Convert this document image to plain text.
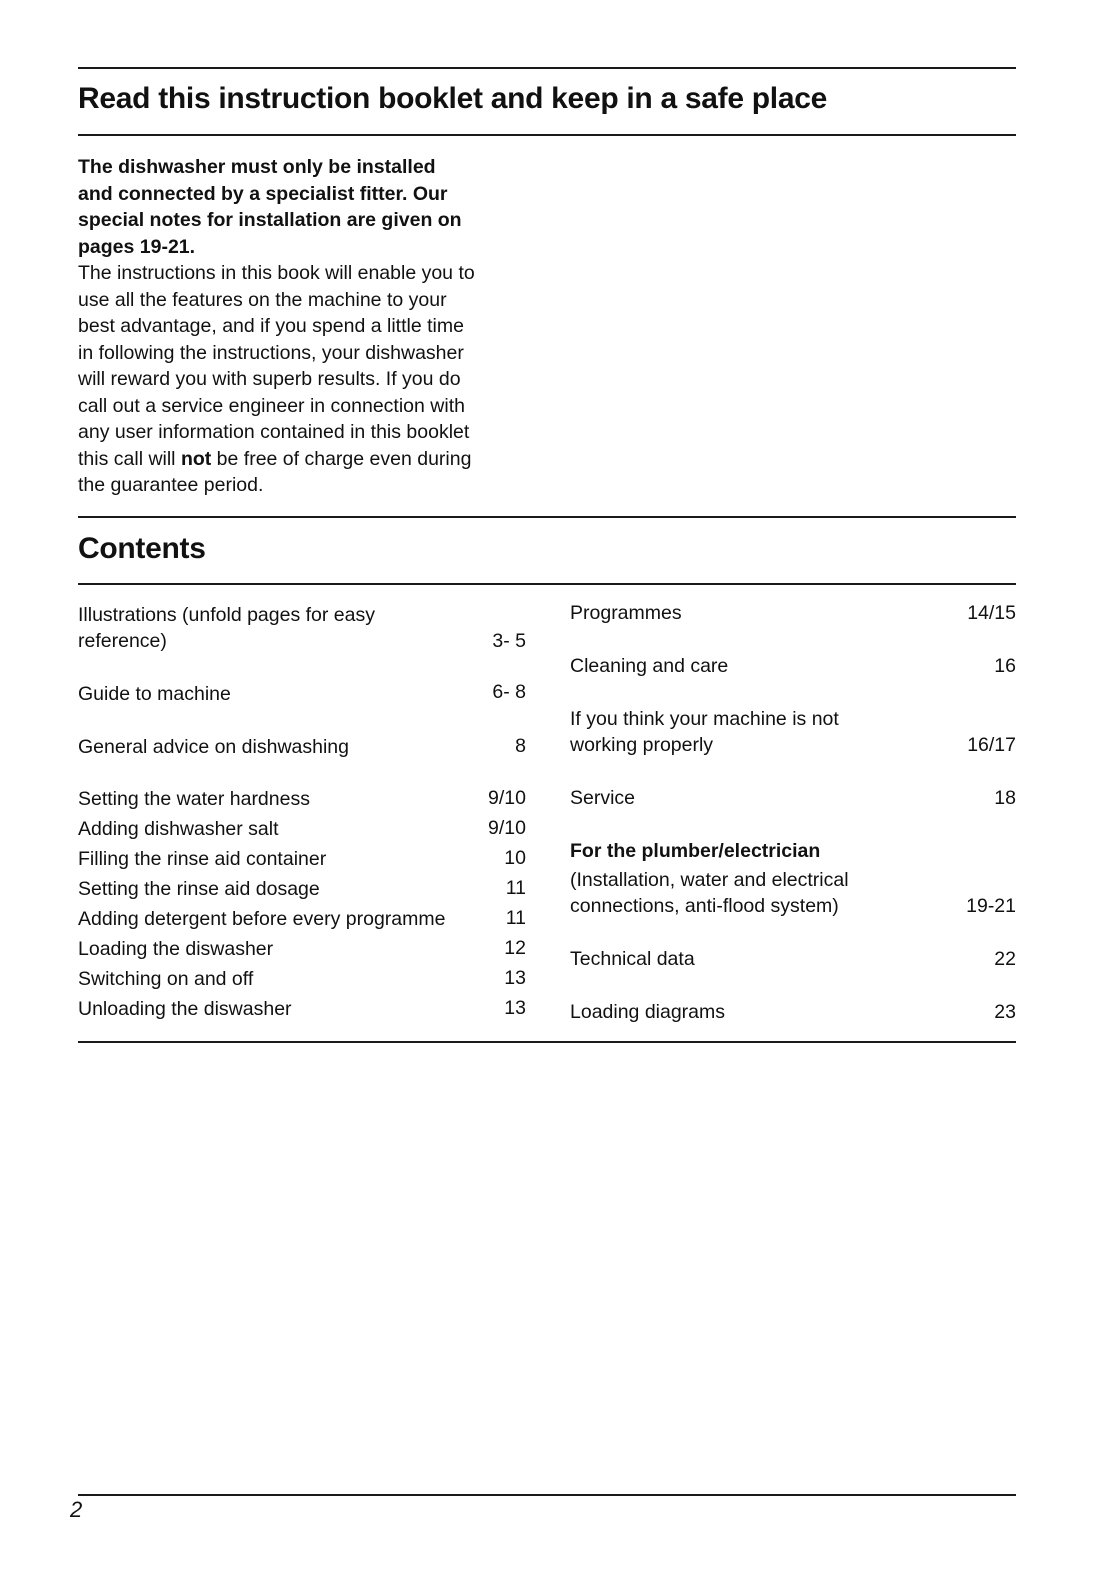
Read this instruction booklet and keep in a safe place
The dishwasher must only be installed
and connected by a specialist fitter. Our
special notes for installation are given on
pages 19-21.
The instructions in this book will enable you to
use all the features on the machine to your
best advantage, and if you spend a little time
in following the instructions, your dishwasher
will reward you with superb results. If you do
call out a service engineer in connection with
any user information contained in this booklet
this call will not be free of charge even during
the guarantee period.
Contents
Illustrations (unfold pages for easy
reference)	3- 5
Guide to machine	6- 8
General advice on dishwashing	8
Setting the water hardness	9/10
Adding dishwasher salt	9/10
Filling the rinse aid container	10
Setting the rinse aid dosage	11
Adding detergent before every programme	11
Loading the diswasher	12
Switching on and off	13
Unloading the diswasher	13
Programmes	14/15
Cleaning and care	16
If you think your machine is not
working properly	16/17
Service	18
For the plumber/electrician
(Installation, water and electrical
connections, anti-flood system)	19-21
Technical data	22
Loading diagrams	23
2
